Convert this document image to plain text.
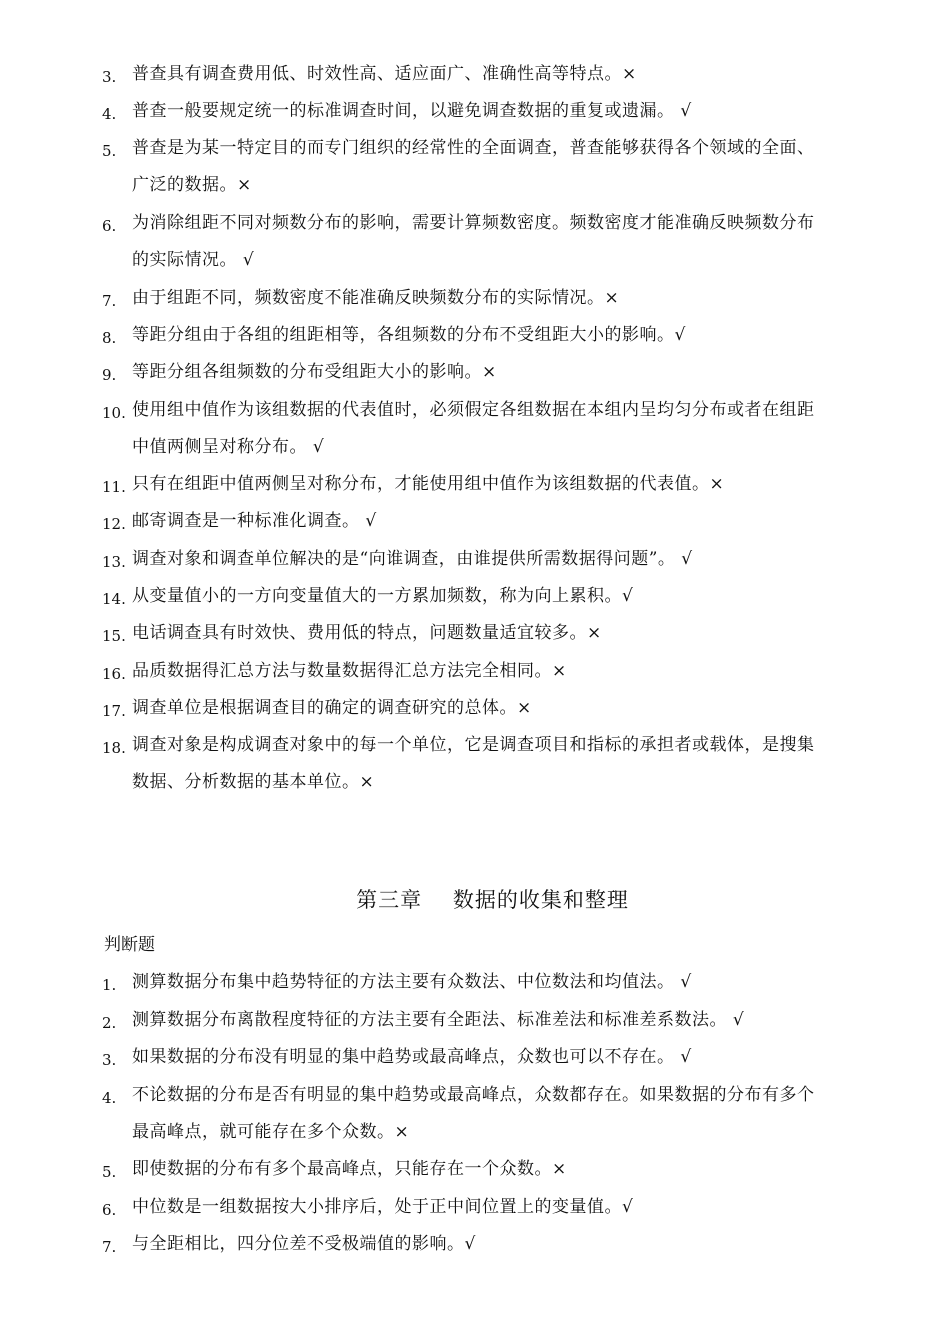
3. 普查具有调查费用低、时效性高、适应面广、准确性高等特点。×
4. 普查一般要规定统一的标准调查时间，以避免调查数据的重复或遗漏。 √
5. 普查是为某一特定目的而专门组织的经常性的全面调查，普查能够获得各个领域的全面、
广泛的数据。×
6. 为消除组距不同对频数分布的影响，需要计算频数密度。频数密度才能准确反映频数分布
的实际情况。 √
7. 由于组距不同，频数密度不能准确反映频数分布的实际情况。×
8. 等距分组由于各组的组距相等，各组频数的分布不受组距大小的影响。√
9. 等距分组各组频数的分布受组距大小的影响。×
10. 使用组中值作为该组数据的代表值时，必须假定各组数据在本组内呈均匀分布或者在组距
中值两侧呈对称分布。 √
11. 只有在组距中值两侧呈对称分布，才能使用组中值作为该组数据的代表值。×
12. 邮寄调查是一种标准化调查。 √
13. 调查对象和调查单位解决的是“向谁调查，由谁提供所需数据得问题”。 √
14. 从变量值小的一方向变量值大的一方累加频数，称为向上累积。√
15. 电话调查具有时效快、费用低的特点，问题数量适宜较多。×
16. 品质数据得汇总方法与数量数据得汇总方法完全相同。×
17. 调查单位是根据调查目的确定的调查研究的总体。×
18. 调查对象是构成调查对象中的每一个单位，它是调查项目和指标的承担者或载体，是搜集
数据、分析数据的基本单位。×
第三章    数据的收集和整理
判断题
1. 测算数据分布集中趋势特征的方法主要有众数法、中位数法和均值法。 √
2. 测算数据分布离散程度特征的方法主要有全距法、标准差法和标准差系数法。 √
3. 如果数据的分布没有明显的集中趋势或最高峰点，众数也可以不存在。 √
4. 不论数据的分布是否有明显的集中趋势或最高峰点，众数都存在。如果数据的分布有多个
最高峰点，就可能存在多个众数。×
5. 即使数据的分布有多个最高峰点，只能存在一个众数。×
6. 中位数是一组数据按大小排序后，处于正中间位置上的变量值。√
7. 与全距相比，四分位差不受极端值的影响。√
